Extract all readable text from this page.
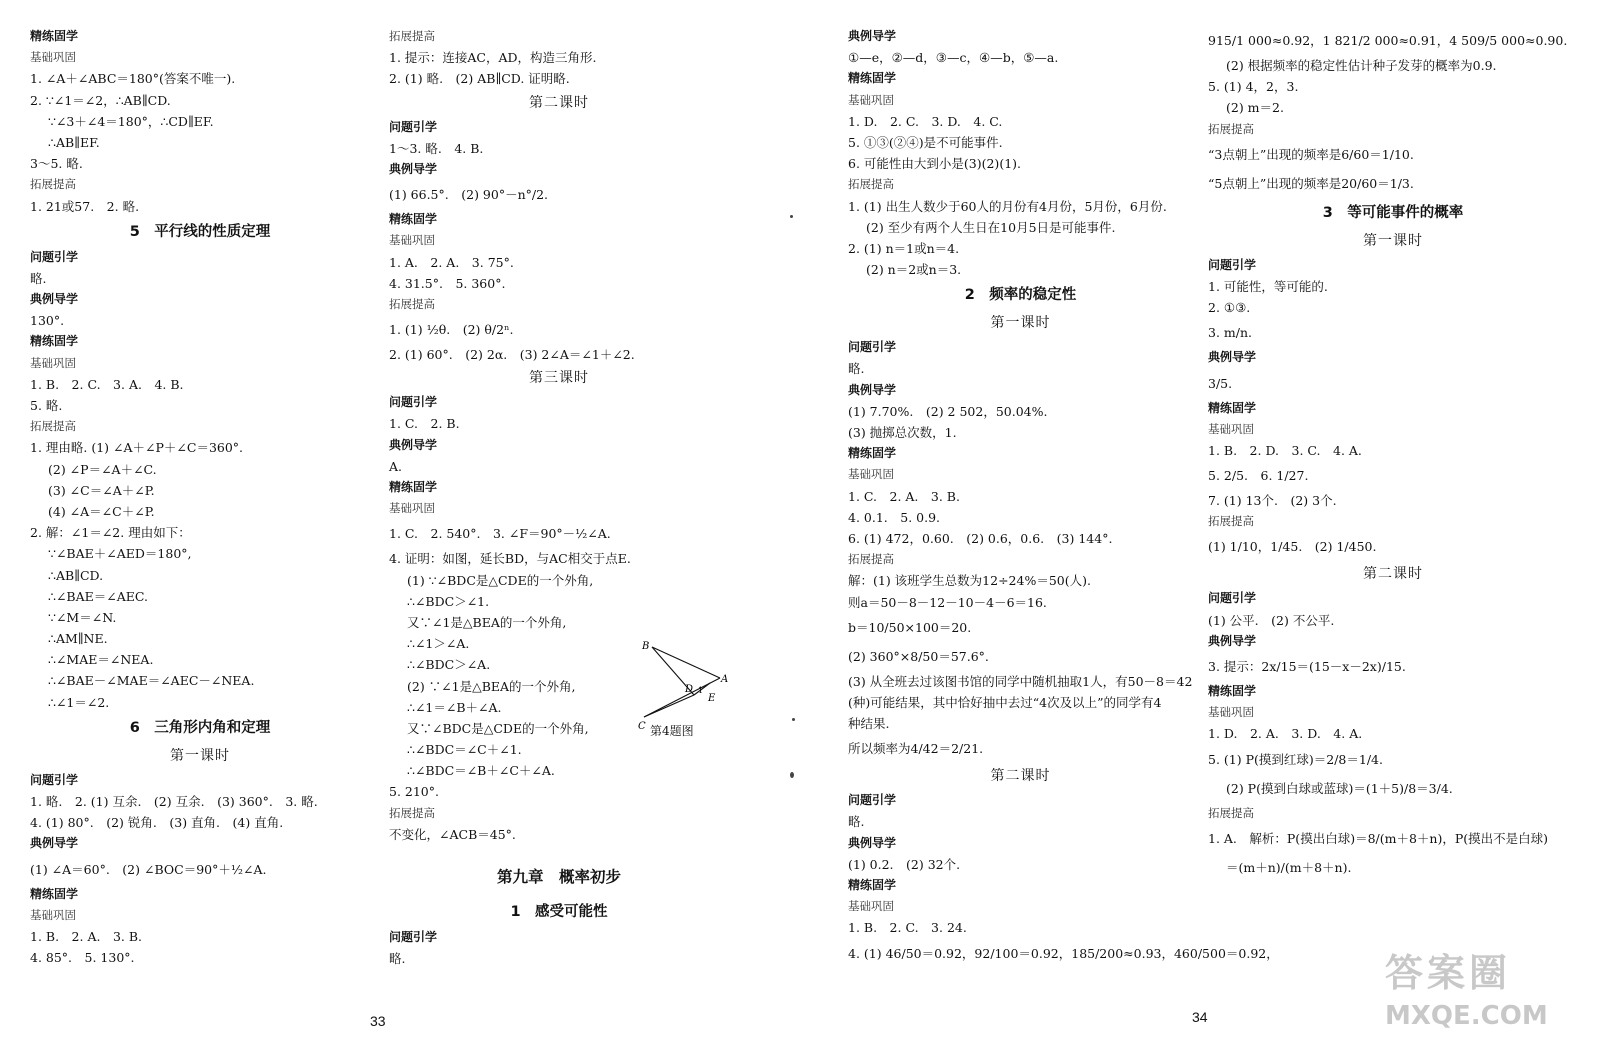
精练固学
基础巩固
1. ∠A＋∠ABC＝180°(答案不唯一).
2. ∵∠1＝∠2，∴AB∥CD.
∵∠3＋∠4＝180°，∴CD∥EF.
∴AB∥EF.
3～5. 略.
拓展提高
1. 21或57.　2. 略.
5　平行线的性质定理
问题引学
略.
典例导学
130°.
精练固学
基础巩固
1. B.　2. C.　3. A.　4. B.
5. 略.
拓展提高
1. 理由略. (1) ∠A＋∠P＋∠C＝360°.
(2) ∠P＝∠A＋∠C.
(3) ∠C＝∠A＋∠P.
(4) ∠A＝∠C＋∠P.
2. 解：∠1＝∠2. 理由如下：
∵∠BAE＋∠AED＝180°,
∴AB∥CD.
∴∠BAE＝∠AEC.
∵∠M＝∠N.
∴AM∥NE.
∴∠MAE＝∠NEA.
∴∠BAE－∠MAE＝∠AEC－∠NEA.
∴∠1＝∠2.
6　三角形内角和定理
第一课时
问题引学
1. 略.　2. (1) 互余.　(2) 互余.　(3) 360°.　3. 略.
4. (1) 80°.　(2) 锐角.　(3) 直角.　(4) 直角.
典例导学
(1) ∠A＝60°.　(2) ∠BOC＝90°＋½∠A.
精练固学
基础巩固
1. B.　2. A.　3. B.
4. 85°.　5. 130°.
拓展提高
1. 提示：连接AC，AD，构造三角形.
2. (1) 略.　(2) AB∥CD. 证明略.
第二课时
问题引学
1～3. 略.　4. B.
典例导学
(1) 66.5°.　(2) 90°－n°/2.
精练固学
基础巩固
1. A.　2. A.　3. 75°.
4. 31.5°.　5. 360°.
拓展提高
1. (1) ½θ.　(2) θ/2ⁿ.
2. (1) 60°.　(2) 2α.　(3) 2∠A＝∠1＋∠2.
第三课时
问题引学
1. C.　2. B.
典例导学
A.
精练固学
基础巩固
1. C.　2. 540°.　3. ∠F＝90°－½∠A.
4. 证明：如图，延长BD，与AC相交于点E.
(1) ∵∠BDC是△CDE的一个外角,
∴∠BDC＞∠1.
又∵∠1是△BEA的一个外角,
∴∠1＞∠A.
∴∠BDC＞∠A.
(2) ∵∠1是△BEA的一个外角,
∴∠1＝∠B＋∠A.
又∵∠BDC是△CDE的一个外角,
∴∠BDC＝∠C＋∠1.
∴∠BDC＝∠B＋∠C＋∠A.
5. 210°.
拓展提高
不变化，∠ACB＝45°.
第九章　概率初步
1　感受可能性
问题引学
略.
典例导学
①—e，②—d，③—c，④—b，⑤—a.
精练固学
基础巩固
1. D.　2. C.　3. D.　4. C.
5. ①③(②④)是不可能事件.
6. 可能性由大到小是(3)(2)(1).
拓展提高
1. (1) 出生人数少于60人的月份有4月份，5月份，6月份.
(2) 至少有两个人生日在10月5日是可能事件.
2. (1) n＝1或n＝4.
(2) n＝2或n＝3.
2　频率的稳定性
第一课时
问题引学
略.
典例导学
(1) 7.70%.　(2) 2 502，50.04%.
(3) 抛掷总次数，1.
精练固学
基础巩固
1. C.　2. A.　3. B.
4. 0.1.　5. 0.9.
6. (1) 472，0.60.　(2) 0.6，0.6.　(3) 144°.
拓展提高
解：(1) 该班学生总数为12÷24%＝50(人).
则a＝50－8－12－10－4－6＝16.
b＝10/50×100＝20.
(2) 360°×8/50＝57.6°.
(3) 从全班去过该图书馆的同学中随机抽取1人，有50－8＝42
(种)可能结果，其中恰好抽中去过“4次及以上”的同学有4
种结果.
所以频率为4/42＝2/21.
第二课时
问题引学
略.
典例导学
(1) 0.2.　(2) 32个.
精练固学
基础巩固
1. B.　2. C.　3. 24.
4. (1) 46/50＝0.92，92/100＝0.92，185/200≈0.93，460/500＝0.92，
915/1 000≈0.92，1 821/2 000≈0.91，4 509/5 000≈0.90.
(2) 根据频率的稳定性估计种子发芽的概率为0.9.
5. (1) 4，2，3.
(2) m＝2.
拓展提高
“3点朝上”出现的频率是6/60＝1/10.
“5点朝上”出现的频率是20/60＝1/3.
3　等可能事件的概率
第一课时
问题引学
1. 可能性，等可能的.
2. ①③.
3. m/n.
典例导学
3/5.
精练固学
基础巩固
1. B.　2. D.　3. C.　4. A.
5. 2/5.　6. 1/27.
7. (1) 13个.　(2) 3个.
拓展提高
(1) 1/10，1/45.　(2) 1/450.
第二课时
问题引学
(1) 公平.　(2) 不公平.
典例导学
3. 提示：2x/15＝(15－x－2x)/15.
精练固学
基础巩固
1. D.　2. A.　3. D.　4. A.
5. (1) P(摸到红球)＝2/8＝1/4.
(2) P(摸到白球或蓝球)＝(1＋5)/8＝3/4.
拓展提高
1. A.　解析：P(摸出白球)＝8/(m＋8＋n)，P(摸出不是白球)
＝(m＋n)/(m＋8＋n).
B
A
C
D
E
1
第4题图
33	34
答案圈
MXQE.COM
